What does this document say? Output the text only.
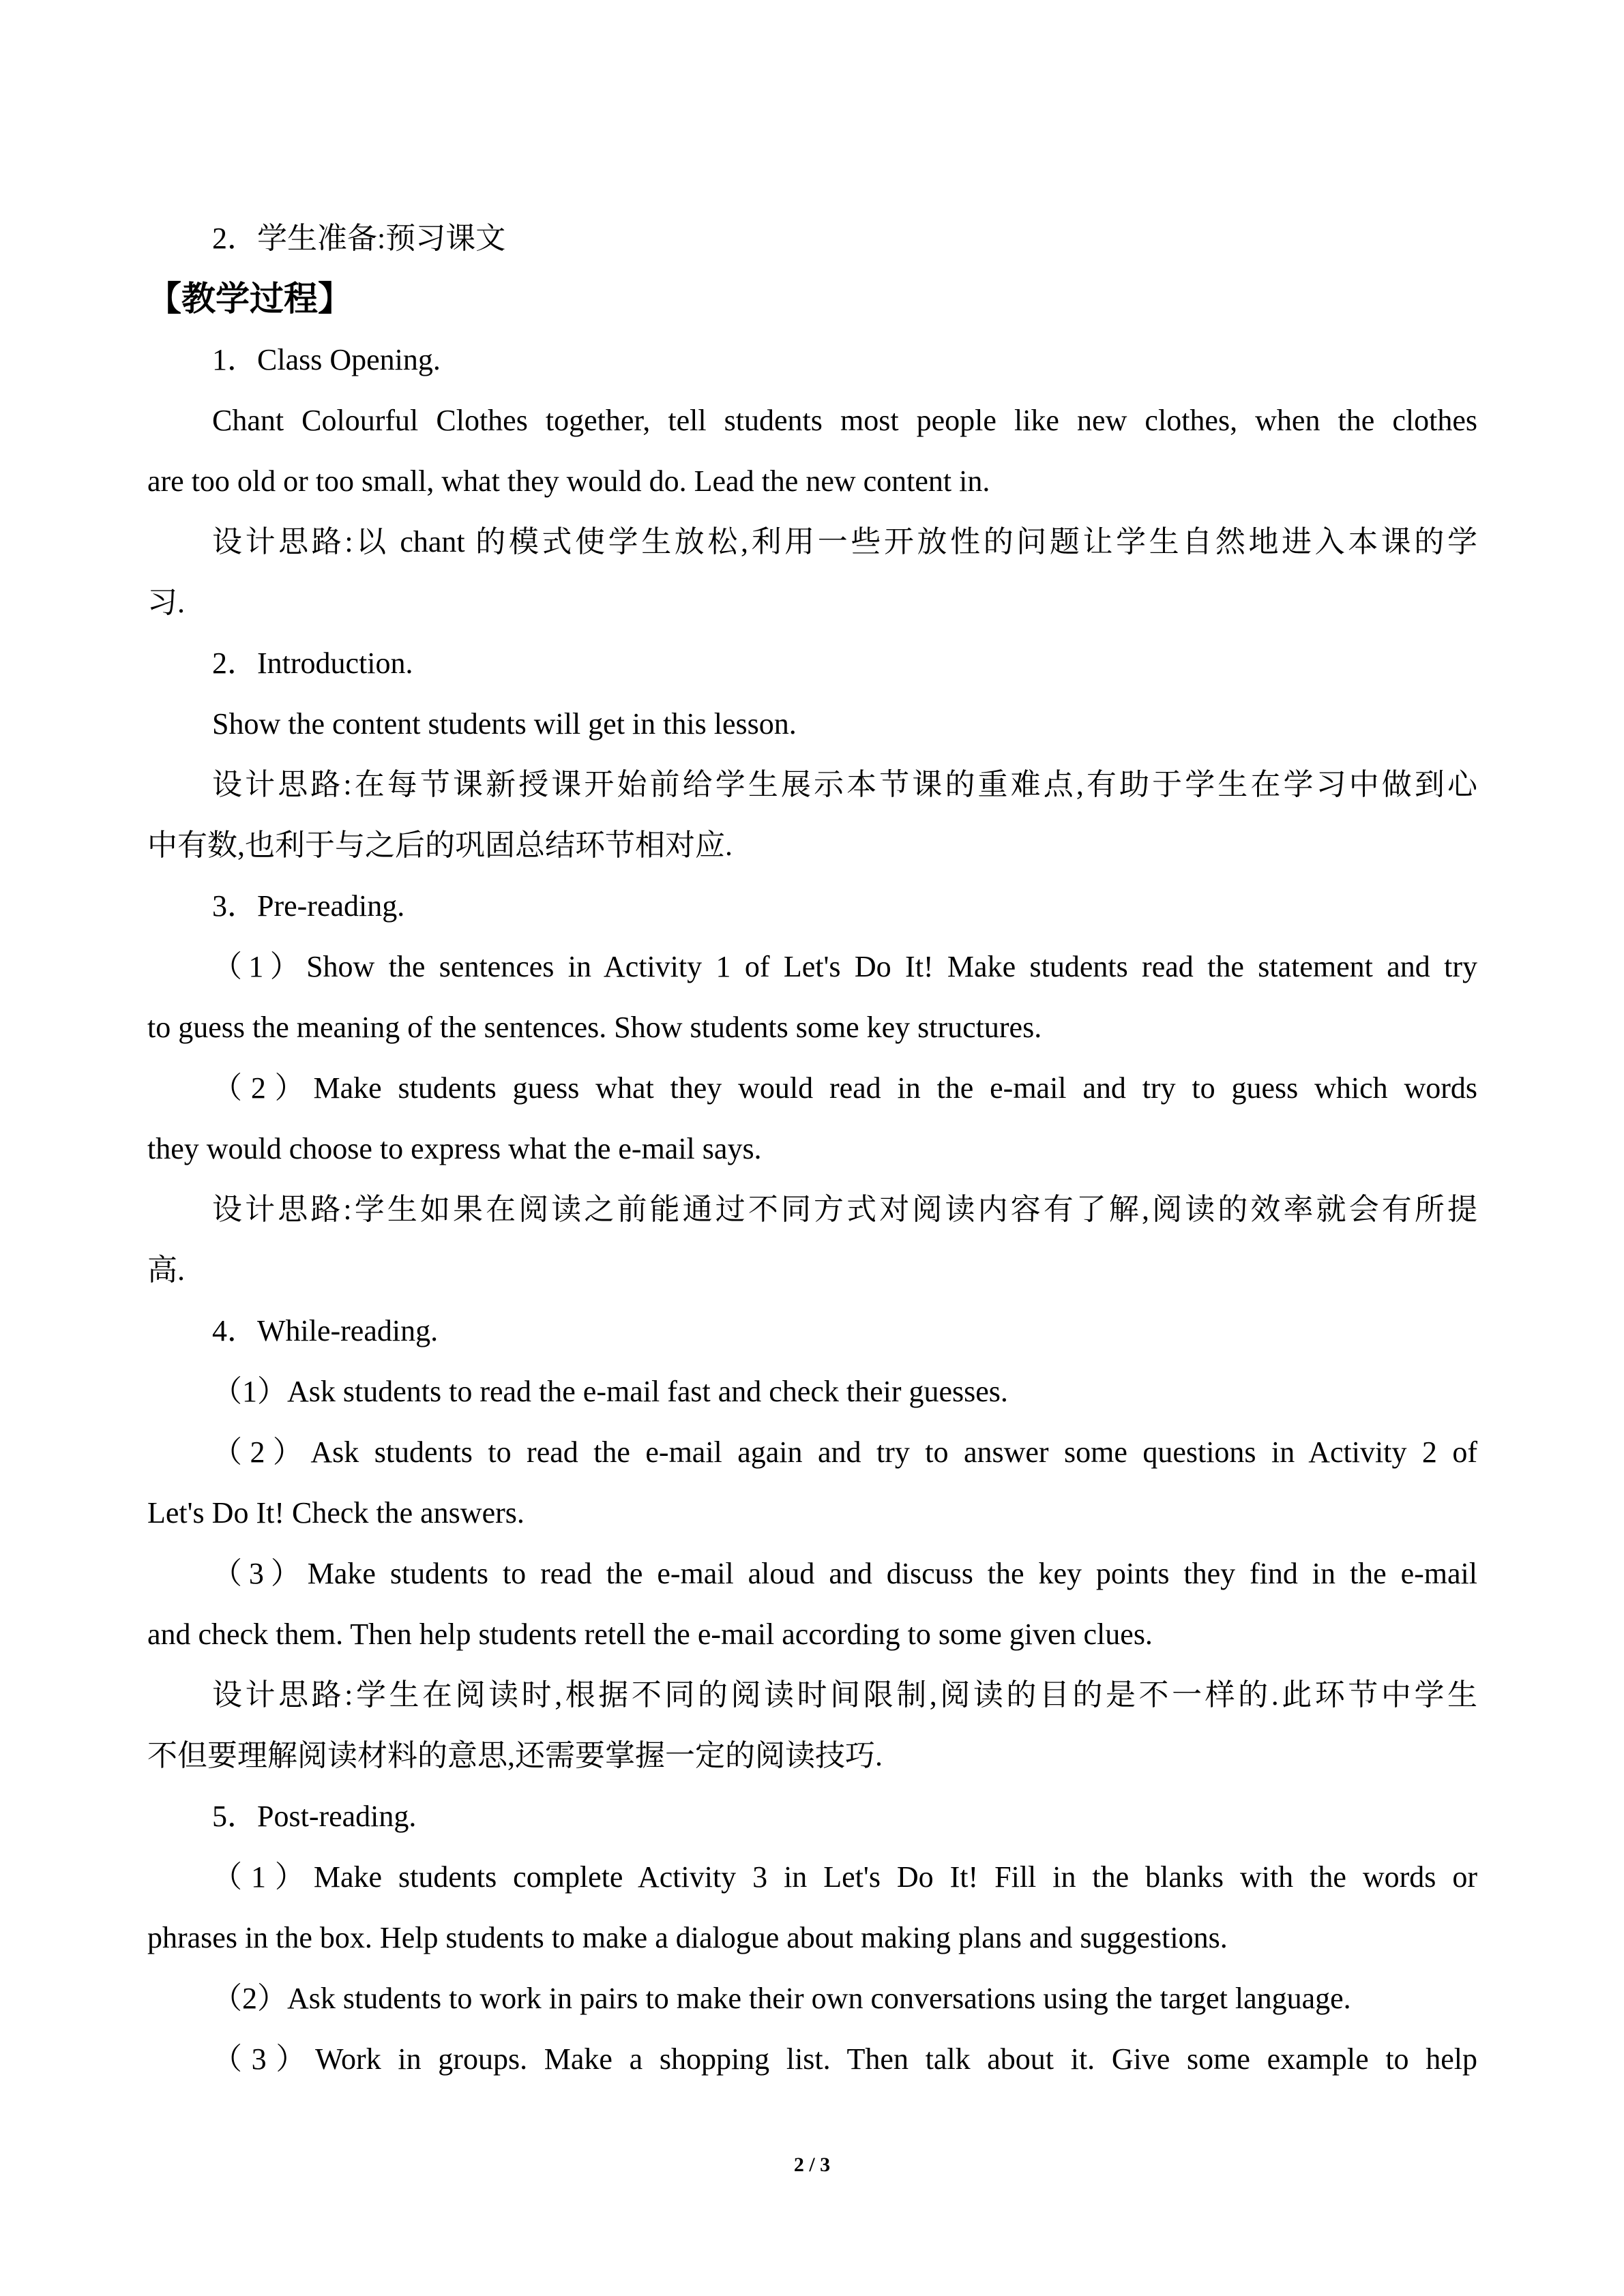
2．学生准备:预习课文

【教学过程】

1．Class Opening.

Chant Colourful Clothes together, tell students most people like new clothes, when the clothes

are too old or too small, what they would do. Lead the new content in.

设计思路:以 chant 的模式使学生放松,利用一些开放性的问题让学生自然地进入本课的学

习.

2．Introduction.

Show the content students will get in this lesson.

设计思路:在每节课新授课开始前给学生展示本节课的重难点,有助于学生在学习中做到心

中有数,也利于与之后的巩固总结环节相对应.

3．Pre-reading.

（1）Show the sentences in Activity 1 of Let's Do It! Make students read the statement and try

to guess the meaning of the sentences. Show students some key structures.

（2）Make students guess what they would read in the e-mail and try to guess which words

they would choose to express what the e-mail says.

设计思路:学生如果在阅读之前能通过不同方式对阅读内容有了解,阅读的效率就会有所提

高.

4．While-reading.

（1）Ask students to read the e-mail fast and check their guesses.

（2）Ask students to read the e-mail again and try to answer some questions in Activity 2 of

Let's Do It! Check the answers.

（3）Make students to read the e-mail aloud and discuss the key points they find in the e-mail

and check them. Then help students retell the e-mail according to some given clues.

设计思路:学生在阅读时,根据不同的阅读时间限制,阅读的目的是不一样的.此环节中学生

不但要理解阅读材料的意思,还需要掌握一定的阅读技巧.

5．Post-reading.

（1）Make students complete Activity 3 in Let's Do It! Fill in the blanks with the words or

phrases in the box. Help students to make a dialogue about making plans and suggestions.

（2）Ask students to work in pairs to make their own conversations using the target language.

（3）Work in groups. Make a shopping list. Then talk about it. Give some example to help

2 / 3
